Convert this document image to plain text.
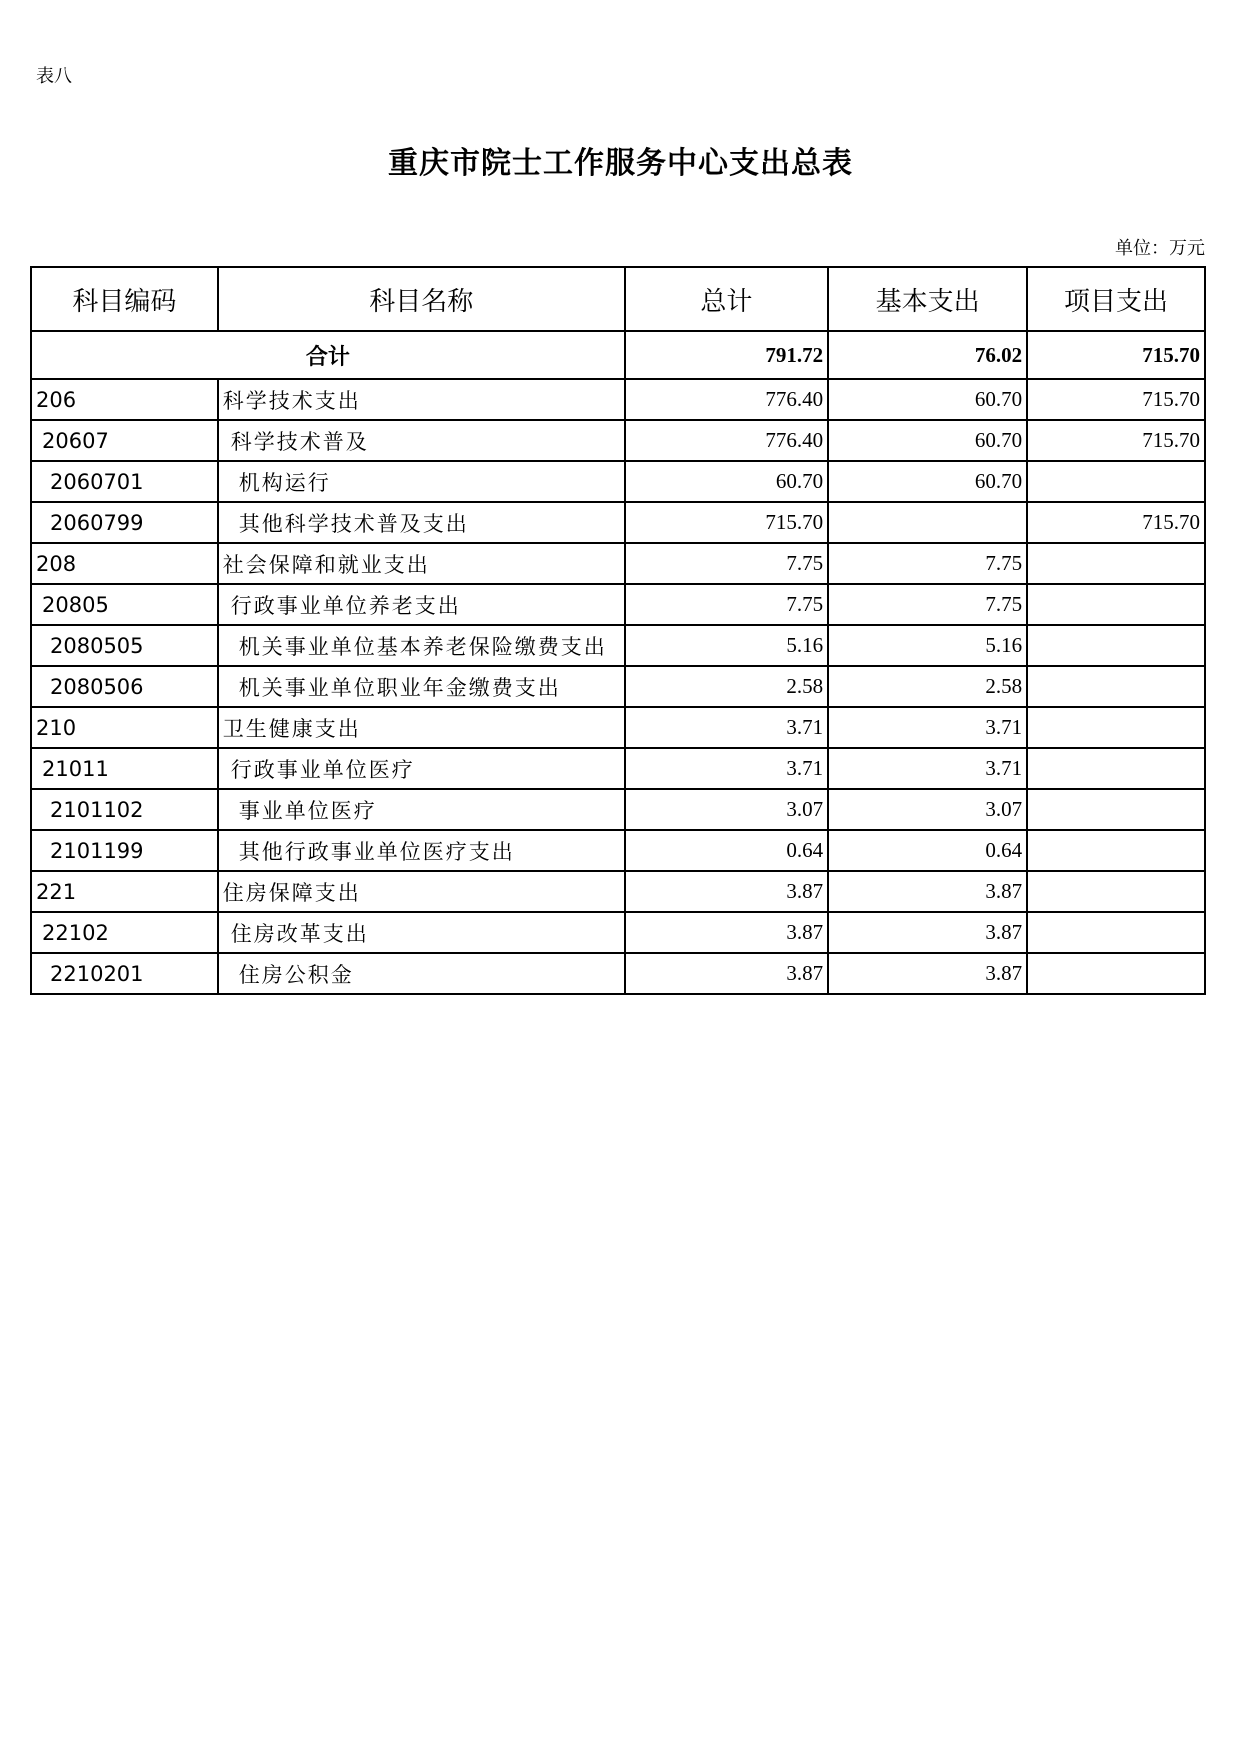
表八
重庆市院士工作服务中心支出总表
单位：万元
科目编码	科目名称	总计	基本支出	项目支出
合计		791.72	76.02	715.70
206	科学技术支出	776.40	60.70	715.70
20607	科学技术普及	776.40	60.70	715.70
2060701	机构运行	60.70	60.70	
2060799	其他科学技术普及支出	715.70		715.70
208	社会保障和就业支出	7.75	7.75	
20805	行政事业单位养老支出	7.75	7.75	
2080505	机关事业单位基本养老保险缴费支出	5.16	5.16	
2080506	机关事业单位职业年金缴费支出	2.58	2.58	
210	卫生健康支出	3.71	3.71	
21011	行政事业单位医疗	3.71	3.71	
2101102	事业单位医疗	3.07	3.07	
2101199	其他行政事业单位医疗支出	0.64	0.64	
221	住房保障支出	3.87	3.87	
22102	住房改革支出	3.87	3.87	
2210201	住房公积金	3.87	3.87	
